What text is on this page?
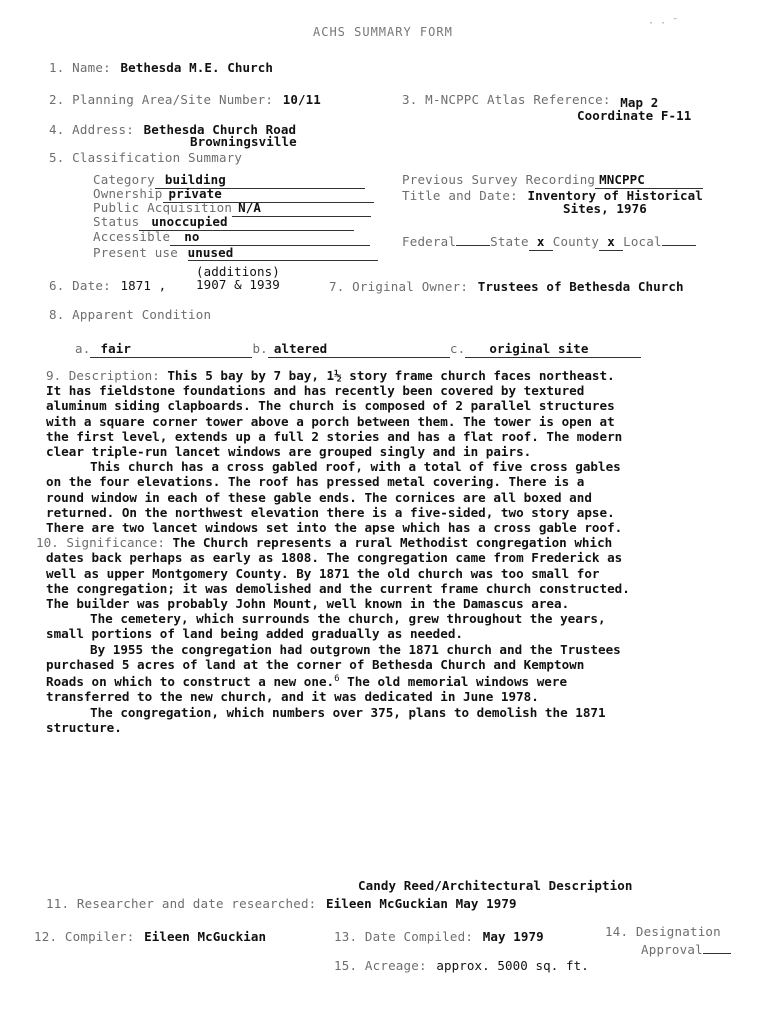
ACHS SUMMARY FORM
· · ¯
1. Name: Bethesda M.E. Church
2. Planning Area/Site Number: 10/11	3. M-NCPPC Atlas Reference: Map 2
Coordinate F-11
4. Address: Bethesda Church Road
Browningsville
5. Classification Summary
Category building
Ownership private
Public Acquisition N/A
Status unoccupied
Accessible no
Present use unused
Previous Survey Recording MNCPPC
Title and Date: Inventory of Historical
Sites, 1976
Federal	State x County x Local
6. Date: 1871 ,
(additions)
1907 & 1939	7. Original Owner: Trustees of Bethesda Church
8. Apparent Condition
a. fair	b. altered	c. original site

9. Description: This 5 bay by 7 bay, 1½ story frame church faces northeast.

It has fieldstone foundations and has recently been covered by textured

aluminum siding clapboards. The church is composed of 2 parallel structures

with a square corner tower above a porch between them. The tower is open at

the first level, extends up a full 2 stories and has a flat roof. The modern

clear triple-run lancet windows are grouped singly and in pairs.

This church has a cross gabled roof, with a total of five cross gables

on the four elevations. The roof has pressed metal covering. There is a

round window in each of these gable ends. The cornices are all boxed and

returned. On the northwest elevation there is a five-sided, two story apse.

There are two lancet windows set into the apse which has a cross gable roof.

10. Significance: The Church represents a rural Methodist congregation which

dates back perhaps as early as 1808. The congregation came from Frederick as

well as upper Montgomery County. By 1871 the old church was too small for

the congregation; it was demolished and the current frame church constructed.

The builder was probably John Mount, well known in the Damascus area.

The cemetery, which surrounds the church, grew throughout the years,

small portions of land being added gradually as needed.

By 1955 the congregation had outgrown the 1871 church and the Trustees

purchased 5 acres of land at the corner of Bethesda Church and Kemptown

Roads on which to construct a new one.$^6$ The old memorial windows were

transferred to the new church, and it was dedicated in June 1978.

The congregation, which numbers over 375, plans to demolish the 1871

structure.

Candy Reed/Architectural Description
11. Researcher and date researched: Eileen McGuckian May 1979
12. Compiler: Eileen McGuckian	13. Date Compiled: May 1979	14. Designation
Approval
15. Acreage: approx. 5000 sq. ft.
